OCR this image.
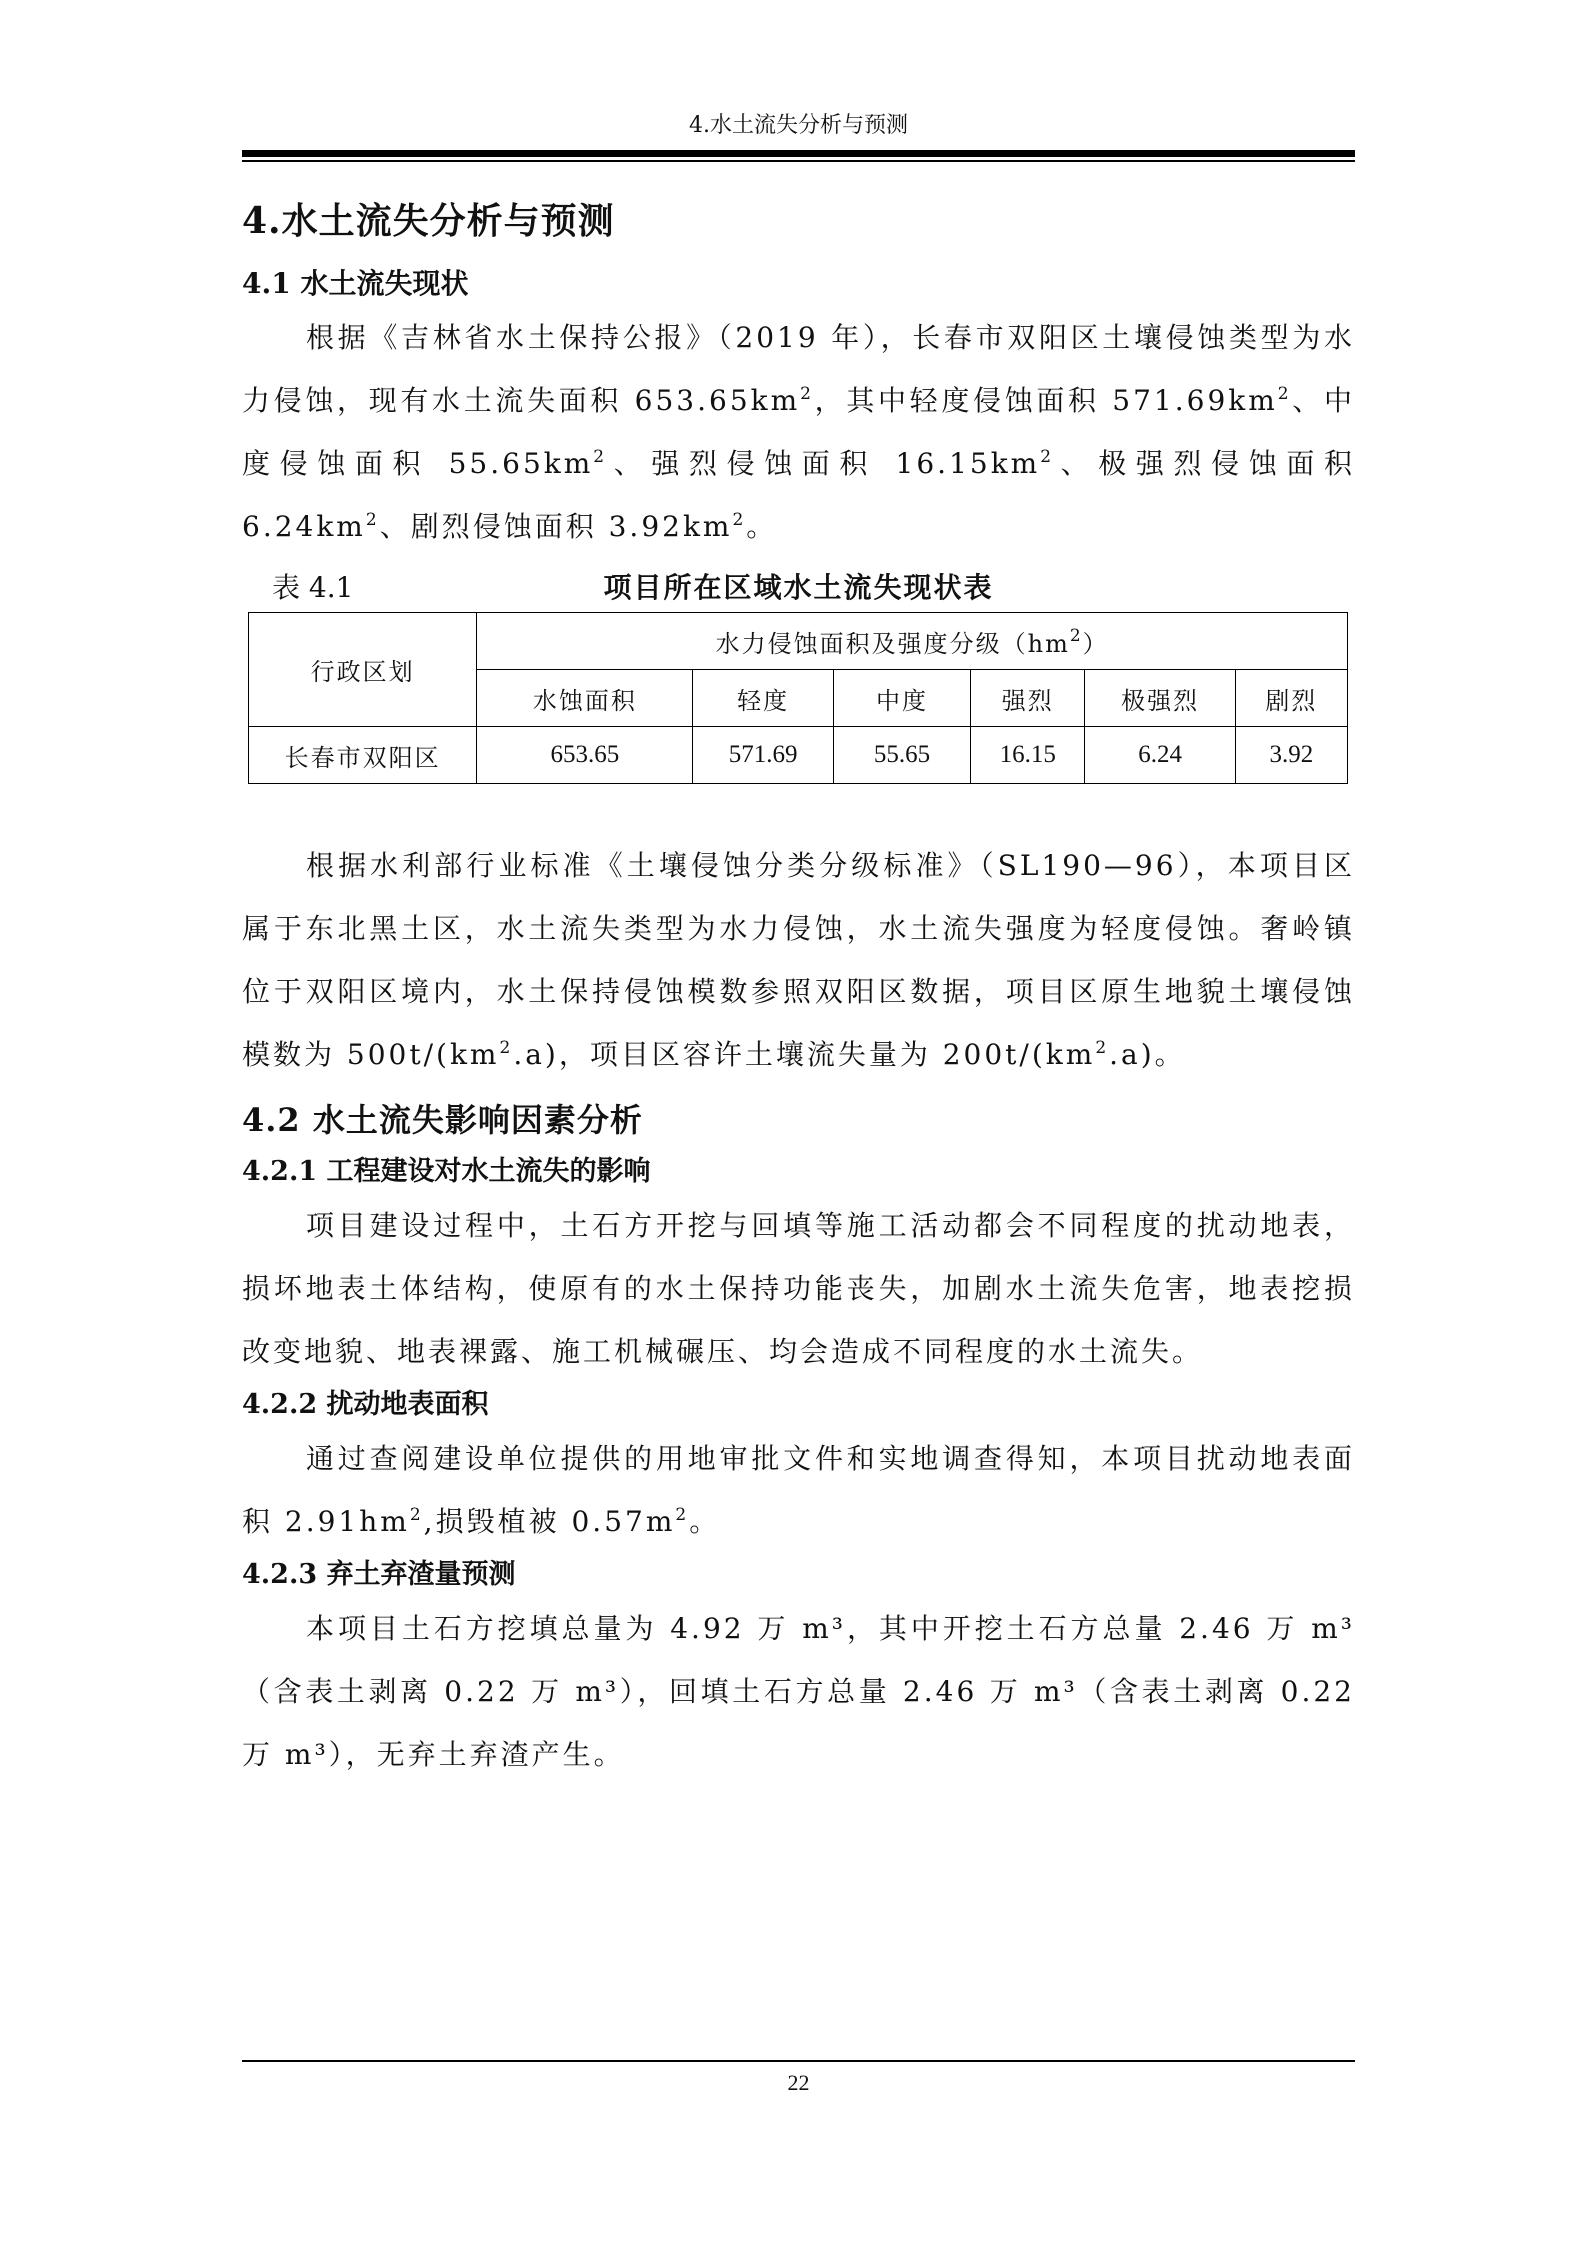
4.水土流失分析与预测
4.水土流失分析与预测
4.1 水土流失现状

根据《吉林省水土保持公报》（2019 年），长春市双阳区土壤侵蚀类型为水力侵蚀，现有水土流失面积 $653.65km^2$，其中轻度侵蚀面积 $571.69km^2$、中度侵蚀面积 $55.65km^2$、强烈侵蚀面积 $16.15km^2$、极强烈侵蚀面积 $6.24km^2$、剧烈侵蚀面积 $3.92km^2$。

表 4.1	项目所在区域水土流失现状表
行政区划	水力侵蚀面积及强度分级$(hm^2)$					
	水蚀面积	轻度	中度	强烈	极强烈	剧烈
长春市双阳区	653.65	571.69	55.65	16.15	6.24	3.92

根据水利部行业标准《土壤侵蚀分类分级标准》（SL190—96），本项目区属于东北黑土区，水土流失类型为水力侵蚀，水土流失强度为轻度侵蚀。奢岭镇位于双阳区境内，水土保持侵蚀模数参照双阳区数据，项目区原生地貌土壤侵蚀模数为 $500t/(km^2.a)$，项目区容许土壤流失量为 $200t/(km^2.a)$。

4.2 水土流失影响因素分析
4.2.1 工程建设对水土流失的影响

项目建设过程中，土石方开挖与回填等施工活动都会不同程度的扰动地表，损坏地表土体结构，使原有的水土保持功能丧失，加剧水土流失危害，地表挖损改变地貌、地表裸露、施工机械碾压、均会造成不同程度的水土流失。

4.2.2 扰动地表面积

通过查阅建设单位提供的用地审批文件和实地调查得知，本项目扰动地表面积 $2.91hm^2$,损毁植被 $0.57m^2$。

4.2.3 弃土弃渣量预测

本项目土石方挖填总量为 4.92 万 m³，其中开挖土石方总量 2.46 万 m³（含表土剥离 0.22 万 m³），回填土石方总量 2.46 万 m³（含表土剥离 0.22 万 m³），无弃土弃渣产生。

22
